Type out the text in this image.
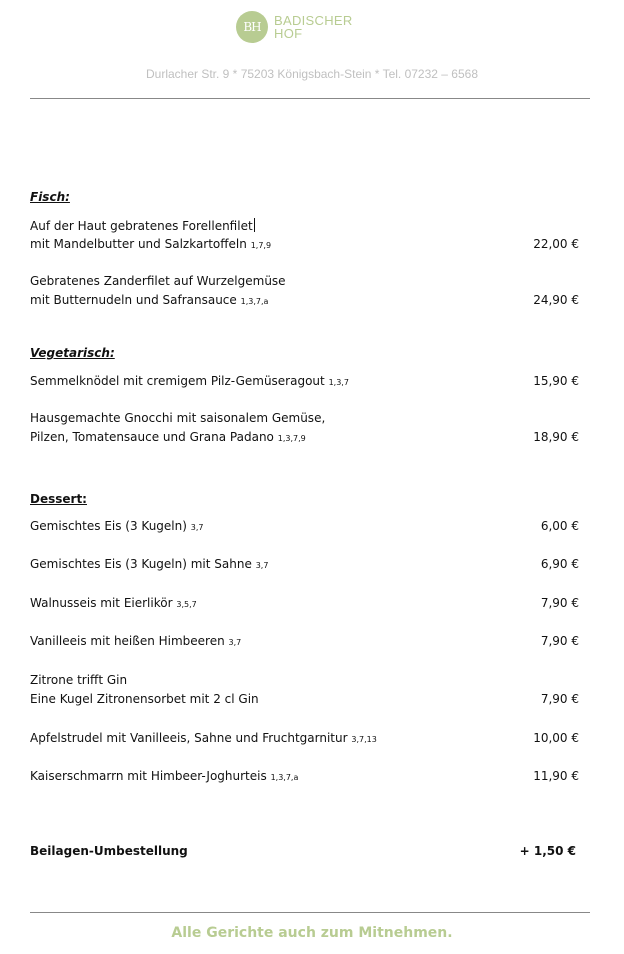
BH BADISCHER
HOF
Durlacher Str. 9 * 75203 Königsbach-Stein * Tel. 07232 – 6568
Fisch:
Auf der Haut gebratenes Forellenfilet
mit Mandelbutter und Salzkartoffeln 1,7,9	22,00 €
Gebratenes Zanderfilet auf Wurzelgemüse
mit Butternudeln und Safransauce 1,3,7,a	24,90 €
Vegetarisch:
Semmelknödel mit cremigem Pilz-Gemüseragout 1,3,7	15,90 €
Hausgemachte Gnocchi mit saisonalem Gemüse,
Pilzen, Tomatensauce und Grana Padano 1,3,7,9	18,90 €
Dessert:
Gemischtes Eis (3 Kugeln) 3,7	6,00 €
Gemischtes Eis (3 Kugeln) mit Sahne 3,7	6,90 €
Walnusseis mit Eierlikör 3,5,7	7,90 €
Vanilleeis mit heißen Himbeeren 3,7	7,90 €
Zitrone trifft Gin
Eine Kugel Zitronensorbet mit 2 cl Gin	7,90 €
Apfelstrudel mit Vanilleeis, Sahne und Fruchtgarnitur 3,7,13	10,00 €
Kaiserschmarrn mit Himbeer-Joghurteis 1,3,7,a	11,90 €
Beilagen-Umbestellung	+ 1,50 €
Alle Gerichte auch zum Mitnehmen.
